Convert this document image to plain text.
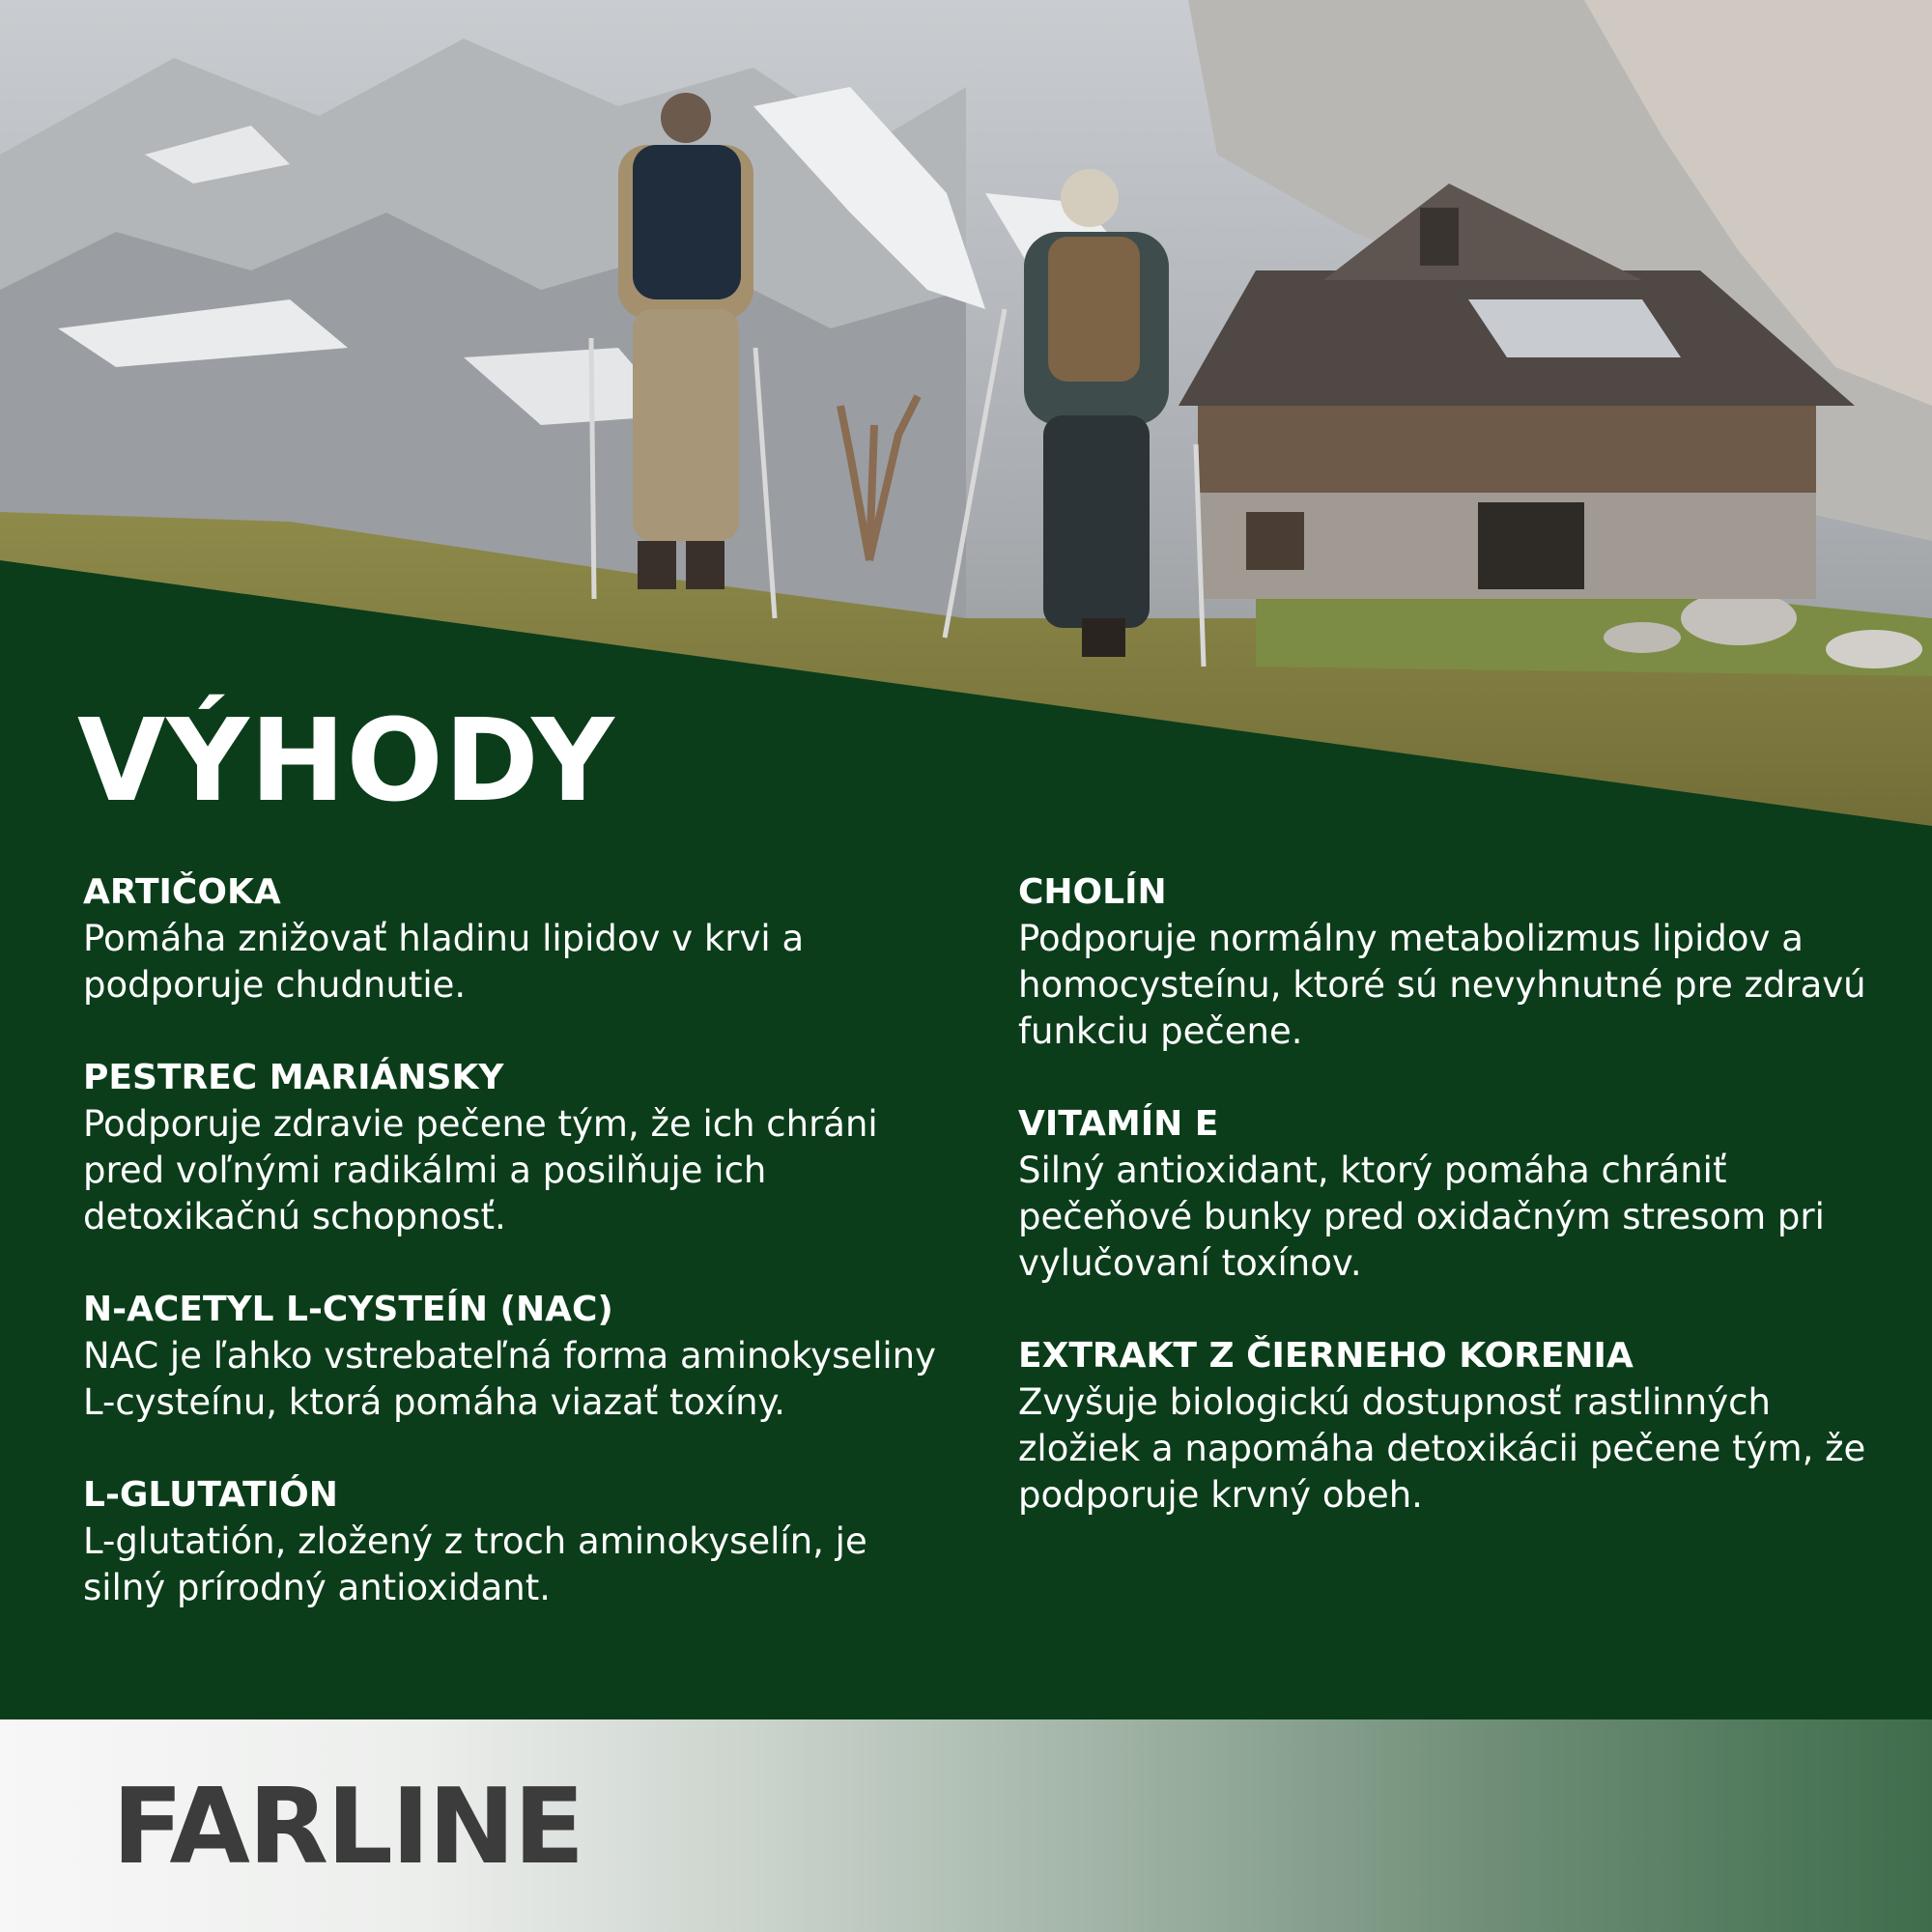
VÝHODY
ARTIČOKA
Pomáha znižovať hladinu lipidov v krvi a podporuje chudnutie.
PESTREC MARIÁNSKY
Podporuje zdravie pečene tým, že ich chráni pred voľnými radikálmi a posilňuje ich detoxikačnú schopnosť.
N-ACETYL L-CYSTEÍN (NAC)
NAC je ľahko vstrebateľná forma aminokyseliny L-cysteínu, ktorá pomáha viazať toxíny.
L-GLUTATIÓN
L-glutatión, zložený z troch aminokyselín, je silný prírodný antioxidant.
CHOLÍN
Podporuje normálny metabolizmus lipidov a homocysteínu, ktoré sú nevyhnutné pre zdravú funkciu pečene.
VITAMÍN E
Silný antioxidant, ktorý pomáha chrániť pečeňové bunky pred oxidačným stresom pri vylučovaní toxínov.
EXTRAKT Z ČIERNEHO KORENIA
Zvyšuje biologickú dostupnosť rastlinných zložiek a napomáha detoxikácii pečene tým, že podporuje krvný obeh.
FARLINE
